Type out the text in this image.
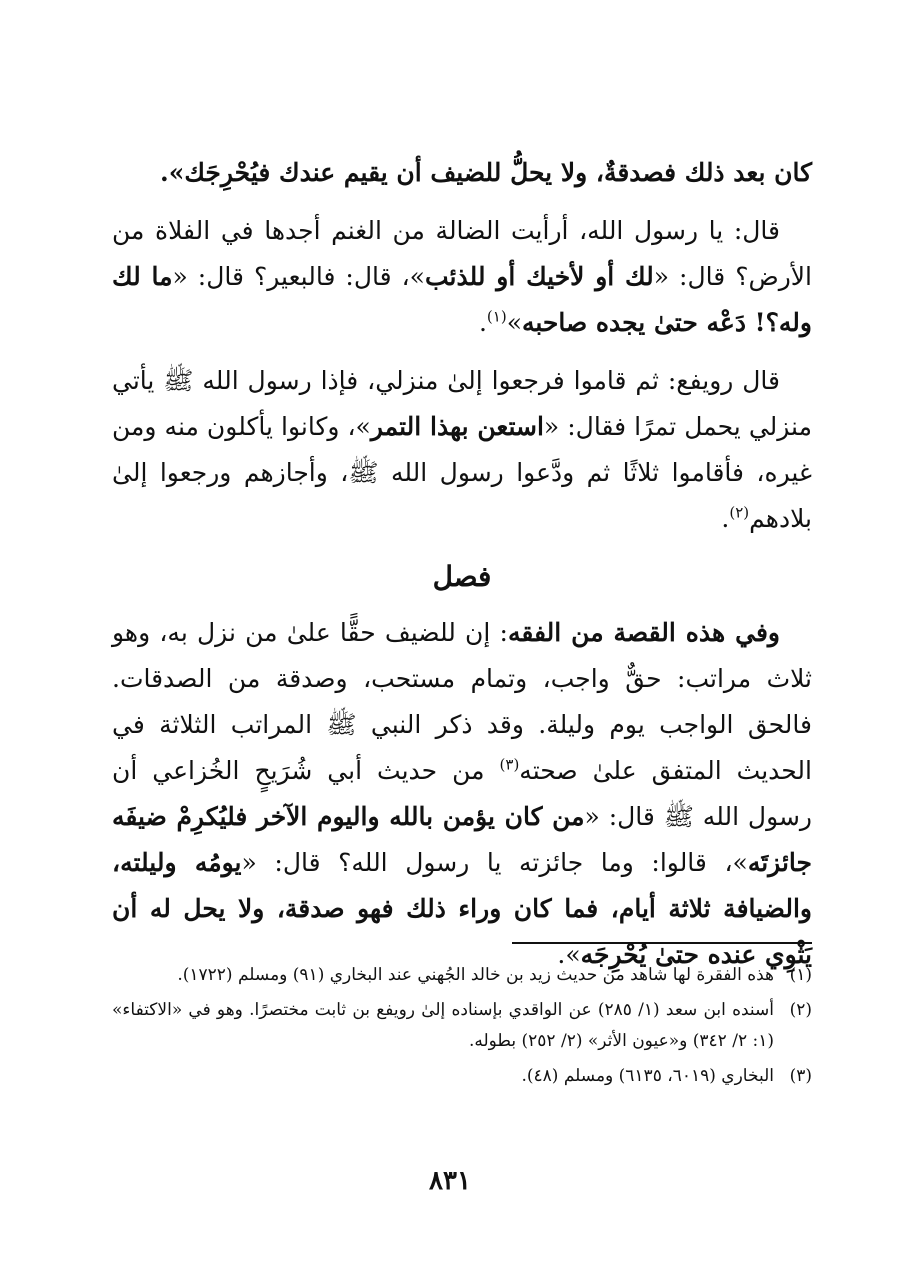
كان بعد ذلك فصدقةٌ، ولا يحلُّ للضيف أن يقيم عندك فيُحْرِجَك».

قال: يا رسول الله، أرأيت الضالة من الغنم أجدها في الفلاة من الأرض؟ قال: «لك أو لأخيك أو للذئب»، قال: فالبعير؟ قال: «ما لك وله؟! دَعْه حتىٰ يجده صاحبه»$^{(١)}$.

قال رويفع: ثم قاموا فرجعوا إلىٰ منزلي، فإذا رسول الله ﷺ يأتي منزلي يحمل تمرًا فقال: «استعن بهذا التمر»، وكانوا يأكلون منه ومن غيره، فأقاموا ثلاثًا ثم ودَّعوا رسول الله ﷺ، وأجازهم ورجعوا إلىٰ بلادهم$^{(٢)}$.

فصل

وفي هذه القصة من الفقه: إن للضيف حقًّا علىٰ من نزل به، وهو ثلاث مراتب: حقٌّ واجب، وتمام مستحب، وصدقة من الصدقات. فالحق الواجب يوم وليلة. وقد ذكر النبي ﷺ المراتب الثلاثة في الحديث المتفق علىٰ صحته$^{(٣)}$ من حديث أبي شُرَيحٍ الخُزاعي أن رسول الله ﷺ قال: «من كان يؤمن بالله واليوم الآخر فليُكرِمْ ضيفَه جائزتَه»، قالوا: وما جائزته يا رسول الله؟ قال: «يومُه وليلته، والضيافة ثلاثة أيام، فما كان وراء ذلك فهو صدقة، ولا يحل له أن يَثْوِي عنده حتىٰ يُحْرِجَه».

(١)
هذه الفقرة لها شاهد من حديث زيد بن خالد الجُهني عند البخاري (٩١) ومسلم (١٧٢٢).
(٢)
أسنده ابن سعد (١/ ٢٨٥) عن الواقدي بإسناده إلىٰ رويفع بن ثابت مختصرًا. وهو في «الاكتفاء» (١: ٢/ ٣٤٢) و«عيون الأثر» (٢/ ٢٥٢) بطوله.
(٣)
البخاري (٦٠١٩، ٦١٣٥) ومسلم (٤٨).
٨٣١
